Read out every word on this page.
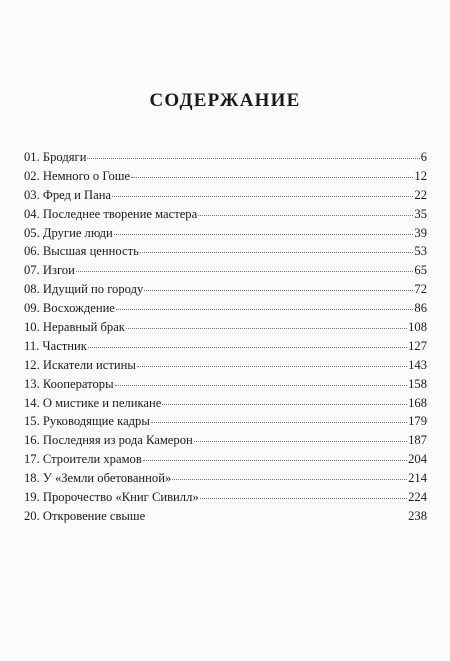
СОДЕРЖАНИЕ
01. Бродяги	6
02. Немного о Гоше	12
03. Фред и Пана	22
04. Последнее творение мастера	35
05. Другие люди	39
06. Высшая ценность	53
07. Изгои	65
08. Идущий по городу	72
09. Восхождение	86
10. Неравный брак	108
11. Частник	127
12. Искатели истины	143
13. Кооператоры	158
14. О мистике и пеликане	168
15. Руководящие кадры	179
16. Последняя из рода Камерон	187
17. Строители храмов	204
18. У «Земли обетованной»	214
19. Пророчество «Книг Сивилл»	224
20. Откровение свыше	238
